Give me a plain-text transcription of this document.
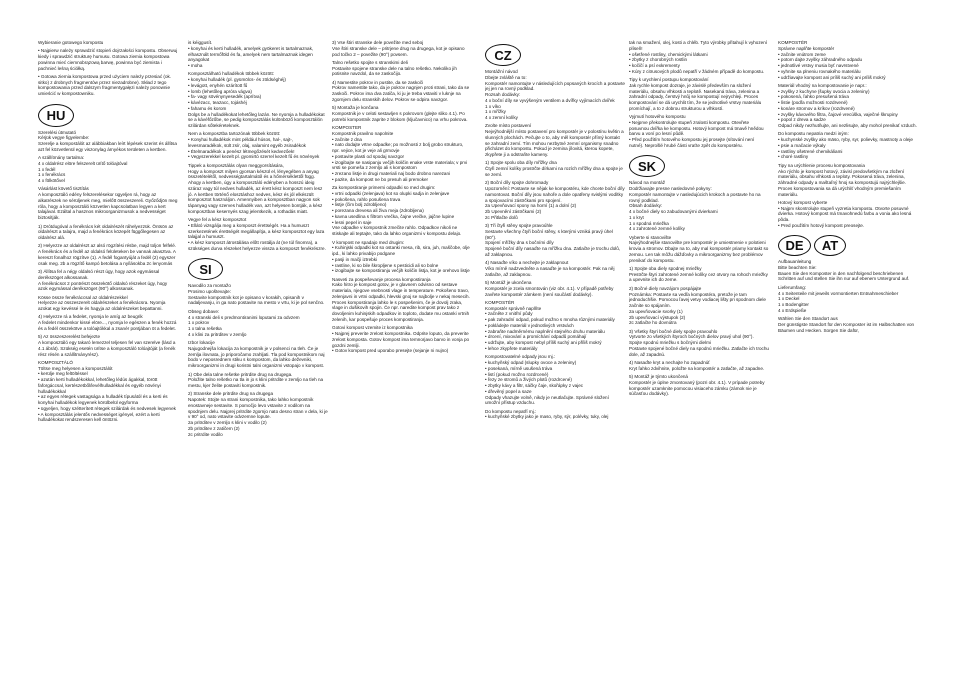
Wybieranie gotowego kompostu

• Najpierw należy sprawdzić stopień dojrzałości kompostu. Obserwuj kiedy i sprawdzić strukturę humusu. Gotowa ziemia kompostowa powinna mieć ciemnobrązową barwę, powinna być ziemista i pachnieć leśną ściółką.

• Gotowa ziemia kompostowa przed użyciem należy przesiać (ok. sitko) z drobnych fragmentów przez niezadrobne). Skład z tego kompostowania przed dalszym fragmentygałęzi należy ponownie umieścić w kompostowniku.

HU

Szerelési útmutató
Kérjük vegye figyelembe:
Szerelje a kompostálót az alábbiakban leírt lépések szerint és állítsa azt fel közvetlenül egy viszonylag árnyékos területen a kertben.

A szállítmány tartalma:
4 x oldalrész elöre felszerelt ürítő tolóajtóval
1 x fedél
1 x fenékrács
4 x fölkötővel

Vásárlást követő tisztítás
A komposztáló edény felszerelésekor ügyeljen rá, hogy az alkatrészek ne sérüljenek meg, mielőtt összeszereli. Győződjön meg róla, hogy a komposztáló közvetlen kapcsolatban legyen a kert talajával. Ezáltal a hasznos mikroorganizmusok a nedvességet biztosítják.

1) Drótdugóval a fenékrács két oldalrészét ráhelyezzük. Öntsön az oldalrészt a talajra, majd a fenékrács közepét függőlegesen az oldalrész alá.

2) Helyezze az oldalrészt az alsó rögzítési résbe, majd toljon felfelé. A fenékrács és a fedél az oldalsó felületeken be vannak akasztva. A kereszt fonalhoz rögzítve (1). A fedél fogantyúját a fedél (2) egyszer csak meg. 2b a rögzítő kampó betolása a nyílásokba 2c lenyomás

3) Állítsa fel a négy oldalsó részt úgy, hogy azok egymással derékszöget alkossanak.
A fenékrácsot 2 pontrészt összekötő oldalsó részeket úgy, hogy azok egymással derékszöget (90°) alkossanak.

Kösse össze fenékráccsal az oldalrészekkel
Helyezze az összeszerelt oldalrészeket a fenékrácsra. Nyomja azokat egy kevéssé le és hagyja az oldalrészeket bepattanni.

4) Helyezze rá a fedelet, nyomja le amíg az beugrik
A fedelet mindenkor kissé elöre..., nyomja le egészen a fenék hozzá és a fedél összekötve a tolóajtókkal a zsanér pontjában öt a fedelet.

5) Az összeszerelést befejezte
A komposztáló egy takaró lemezzel teljesen fel van szerelve (lásd a 4.1 ábrát). Szükség esetén ürítse a komposztáló tolóajtóját (a fenék rész résén a szállítmányrész).

KOMPOSZTÁLÓ
Töltse meg helyesen a komposztálót
• kerülje meg feltöltéssel
• azután kerti hulladékokkal, lehetőleg lédús ágakkal, törött faforgáccsal, kertészetből/levélhulladékkal és egyéb növényi hulladékokkal
• az egyes rétegek vastagsága a hulladék típusától és a kerti és konyhai hulladékok legyenek körülbelül egyforma
• ügyeljen, hogy szétterített rétegek szilárdak és nedvesek legyenek
• A komposztálás jelentős nedvességet igényel, ezért a kerti hulladékokat rendszeresen kell öntözni.

is kéiggusít.
• konyhai és kerti hulladék, amelyek gyökeret is tartalmaznak, elhasznált termőföld és fa, amelyek nem tartalmaznak idegen anyagokat
• moha

Komposztálható hulladékok többek között:
• konyhai hulladék (pl. gyümölcs- és zöldséghéj)
• levágott, enyhén szárított fű
• lomb (lehetőleg apróra vágva)
• fa- vagy sövénynyesedék (aprítva)
• kávézacc, teazacc, tojáshéj
• fahamu és korom
Dolgs be a hulladékokat lehetőleg lazán. Ne nyomja a hulladékokat se a kávéfőzőbe, se pedig komposztálás különböző komposztálón szilárdan sőtekéreteknek.

Nem a komposztba tartozónak többek között:
• Konyhai hulladékok mint például húsos, hal-, sajt-, levesmaradékok, sült zsír, olaj, valamint egyéb zsiradékok
• Ételmaradékok a penész létmegőzését kedvezőek!
• Vegyszerekkel kezelt pl. gyomirtó szerrel kezelt fű és növények

Tippek a komposztálás olyan meggyorsítására,
Hogy a komposzt milyen gyorsan készül el, lényegében a anyag összetételétől, nedvességtartalmától és a hőmérséklettől függ. Ahogy a kertben, úgy a komposztáló edényben a hosszú ideig száraz vagy túl nedves hulladék, az érett kész komposzt nem lesz jó. A kertben történő elosztáshoz nedves, kész és jól elkészült komposztot használjon. Amennyiben a komposztban nagyon sok tápanyag vagy szerves hulladék van, azt helyesen bontják, a kész komposztban kesernyés szag jelentkezik, a rothadás miatt.

Vegye fel a kész komposztot
• Ellátó vizsgálja meg a komposzt érettségét. Ha a humuszt szerkezetének érettségét megállapítja, a kész komposztot egy laza talajjal a humuszt.
• A kész komposzt átrostálása előtt rostálja át (ne túl finomra), a szükséges durva részeket helyezze vissza a komposzt fenékrészre.

SI

Navodilo za montažo
Prosimo upoštevajte:
Sestavite kompostnik kot je opisano v korakih, opisanih v nadaljevanju, in ga nato postavite na mesto v vrtu, ki je pol senčno.

Obseg dobave:
4 x stranski deli s predmontiranimi loputami za odvzem
1 x pokrov
1 x talna rešetka
4 x klini za pritrditev v zemljo

Izbor lokacije
Najugodnejša lokacija za kompostnik je v polsenci na tleh. Če je zemlja ilovnata, jo priporočamo zrahljati. Tla pod kompostnikom naj bodo v neposrednem stiku s kompostom, da lahko deževniki, mikroorganizmi in drugi koristni talni organizmi vstopajo v kompost.

1) Obe dela talne rešetke pritrdite drug na drugega.
Položite talno rešetko na tla in jo s klini pritrdite v zemljo na tleh na mestu, kjer želite postaviti kompostnik.

2) Stranske dele pritrdite drug na drugega
Napotek: Stojte na strani kompostnika, tako lahko kompostnik enostavneje sestavite. S pomočjo levo vstavite z vodilom na spodnjem delu. Najprej pritrdite zgornjo nato desno stran v dela, ki je v 90° od, nato vstavite odvzemne lopute.
2a pritrditev v zemljo s klini v vodilo (2)
2b pritrditev z zatičem (2)
2c pritrdite vodilo

3) Vse štiri stranske dele povežite med seboj
Vse štiri stranske dele – pritrjene drug na drugega, kot je opisano pod točko 2 – povežite (90°) povsem.

Talno rešetko spojite s stranskimi deli
Postavite spojene stranske dele na talno rešetko. Nekoliko jih potisnite navzdol, da se zaskočijo.

4) Namestite pokrov in pustite, da se zaskoči
Pokrov namestite tako, da je pokrov nagnjen proti strani, tako da se zaskoči. Pokrov ima dva zatiča, ki ju je treba vstaviti v luknje na zgornjem delu stranskih delov. Pokrov se odpira navzgor.

5) Montaža je končana
Kompostnik je v celoti sestavljen s pokrovom (glejte sliko 4.1). Po potrebi kompostnik zaprite z blokom (ključavnico) na vrhu pokrova.

KOMPOSTER
Kompostnik pravilno napolnite
• začnite z dna
• nato dodajte vrtne odpadke; po možnosti z bolj grobo strukturo, npr. vejice, kot je veje ali grmovje
• postavite plasti od spodaj navzgor
• izogibajte se nasipanju večjih količin enake vrste materiala; v prvi vrsti se pomeša z zemljo ali s kompostom
• zrezano listje in drugi materiali naj bodo drobno narezani
• pazite, da kompost ne bo presuh ali premoker

Za kompostiranje primerni odpadki so med drugim:
• vrtni odpadki (zelenjava) kot so olupki sadja in zelenjave
• pokošena, rahlo posušena trava
• listje (čim bolj zdrobljeno)
• porezana drevesa ali živa meja (zdrobljena)
• kavna usedlina s filtrom vrečka, čajne vrečke, jajčne lupine
• lesni pepel in saje
Vse odpadke v kompostnik zmečite rahlo. Odpadkov nikoli ne stiskajte ali teptajte, tako da lahko organizmi v kompostu delajo.

V kompost ne spadajo med drugim:
• Kuhinjski odpadki kot so ostanki mesa, rib, sira, juh, maščobe, olje ipd., ki lahko privabijo podgane
• pasji in mačji iztrebki
• rastline, ki so bile škropljene s pesticidi ali so bolne
• izogibajte se kompostiranju večjih količin listja, kot je orehovo listje

Nasveti za pospeševanje procesa kompostiranja
Kako hitro je kompost gotov, je v glavnem odvisno od sestave materiala, njegove vsebnosti vlage in temperature. Pokošeno travo, zelenjavni in vrtni odpadki, hlevski gnoj se najbolje v nekaj mesecih.
Proces kompostiranja lahko le s pospešenim, če je dovolj zraka, vlage in dušikovih spojin. Če npr. naredite kompost prav tako z dovoljenim kuhinjskih odpadkov in toploto, dodate mu ostanki vrtnih zelenih, kar pospešuje proces kompostiranja.

Gotovi kompost vzemite iz kompostnika
• Najprej preverite zrelost kompostnika. Odprite loputo, da preverite zrelost komposta. Gotov kompost ima temnorjavo barvo in vonja po gozdni zemlji.
• Gotov kompost pred uporabo presejte (sejanje ni nujno)

CZ

Montážní návod
Dbejte zvláště na to:
Kompostér namontujte v následujících popsaných krocích a postavte jej jen na rovný podklad.
Rozsah dodávky:
4 x boční díly se vyvýšeným ventilem a dvířky vyjímacích dvířek
1 x víko
1 x mřížky
4 x zemní kolíky

Zvolte místo postavení
Nejvýhodnější místo postavení pro kompostér je v polostínu květin a slunných plochách. Pečujte o to, aby měl kompostér přímý kontakt se zahradní zemí. Tím mohou nezbytné zemní organismy snadno přicházet do kompostu. Pokud je zemina jílovitá, kterou kopete, zkypřete ji a odstraňte kameny.

1) Spojte spolu oba díly mřížky dna
Čtyři zemní kolíky prostrčte dírkami na rozích mřížky dna a spojte je se zemí.

2) Boční díly spojte dohromady
Upozornění: Postavte se nějak ke kompostéru, kde chcete boční díly namontovat. Boční díly jsou nahoře a dole opatřeny svislými vodítky a spojovacími zástrčkami pro spojení.
2a Upevňovací spony na horní (1) a dolní (2)
2b Upevnění zástrčkami (2)
2c Přitlačte dolů

3) Tři čtyři stěny spojte pravoúhle
Sestavte všechny čtyři boční stěny, s kterými vzniká pravý úhel (90°).
Spojení mřížky dna s bočními díly
Spojené boční díly nasaďte na mřížku dna. Zatlačte je trochu dolů, až zaklapnou.

4) Nasaďte víko a nechejte je zaklapnout
Víko mírně nadzvedněte a nasaďte je na kompostér. Pak na něj zatlačte, až zaklapnou.

5) Montáž je ukončena
Kompostér je zcela smontován (viz obr. 4.1). V případě potřeby zavřete kompostér zámkem (není součástí dodávky).

KOMPOSTÉR
Kompostér správně naplňte
• začněte z vnitřní půdy
• pak zahradní odpad, pokud možno s mnoha různými materiály
• pokládejte materiál v jednotlivých vrstvách
• zabraňte nadměrnému naplnění stejného druhu materiálu
• drcení, mixování a promíchání odpadů pomáhají
• udržujte, aby kompost nebyl příliš suchý ani příliš mokrý
• lehce zkypřete materiály

Kompostovatelné odpady jsou mj.:
• kuchyňský odpad (slupky ovoce a zeleniny)
• posekaná, mírně usušená tráva
• listí (pokud možno rozdrcené)
• řezy ze stromů a živých plotů (rozdrcené)
• zbytky kávy a filtr, sáčky čaje, skořápky z vajec
• dřevěný popel a saze
Odpady vhazujte volně, nikdy je neutlačujte. Správné složení umožní přístup vzduchu.

Do kompostu nepatří mj.:
• kuchyňské zbytky jako je maso, ryby, sýr, polévky, tuky, olej

tak na smažení, olej, kosti a chléb. Tyto výrobky přitahují k vyhození plíseň!
• ošetřené rostliny, chemickými látkami
• zbytky z chorobných rostlin
• kočičí a psí exkrementy
• Kúry z citrusových plodů nepatří v žádném případě do kompostu.

Tipy k urychlení postupu kompostování
Jak rychle kompost dozraje, je závislé především na složení materiálu, obsahu vlhkosti a teplotě. Nasekaná tráva, zelenina a zahradní odpady, čerstvý hnůj se kompostují nejrychleji. Proces kompostování se dá urychlit tím, že se jednotlivé vrstvy materiálu promíchají, a to z dobrou strukturou a vlhkostí.

Vyjmutí hotového kompostu
• Nejprve překontrolujte stupeň zralosti kompostu. Otevřete posuvnou dvířka ke kompostu. Hotový kompost má tmavě hnědou barvu a voní po lesní půdě.
• Před použitím hotového kompostu jej prosejte (sítování není nutné). Neprošlé hrubé části vraťte zpět do kompostéru.

SK

Návod na montáž
Dodržiavajte presne nasledovné pokyny:
Kompostér namontujte v nasledujúcich krokoch a postavte ho na rovný podklad.
Obsah dodávky:
4 x bočné diely so zabudovanými dvierkami
1 x kryt
1 x spodná mriežka
4 x zahrotené zemné kolíky

Vyberte si stanovište
Najvýhodnejšie stanovište pre kompostér je umiestnenie v polotieni krovia a stromov. Dbajte na to, aby mal kompostér priamy kontakt so zemou. Len tak môžu dážďovky a mikroorganizmy bez problémov prenikať do kompostu.

1) Spojte oba diely spodnej mriežky
Prestrčte štyri zahrotené zemné kolíky cez otvory na rohoch mriežky a upevnite ich do zeme.

2) Bočné diely navzájom pospájajte
Poznámka: Postavte sa vedľa kompostéra, pretože je tam jednoduchšie. Pomocou ľavej vetvy vodiacej lišty pri spodnom diele začnite so spájaním.
2a upevňovacie svorky (1)
2b upevňovací výstupok (2)
2c zatlačte ho dovnútra

3) Všetky štyri bočné diely spojte pravouhlo
Vytvorte zo všetkých štyroch bočných dielov pravý uhol (90°).
Spojte spodnú mriežku s bočnými dielmi
Postavte spojené bočné diely na spodnú mriežku. Zatlačte ich trochu dole, až zapadnú.

4) Nasaďte kryt a nechajte ho zapadnúť
Kryt ľahko zdvihnite, položte na kompostér a zatlačte, až zapadne.

5) Montáž je týmto ukončená
Kompostér je úplne zmontovaný (pozri obr. 4.1). V prípade potreby kompostér uzamknite pomocou visiaceho zámku (zámok nie je súčasťou dodávky).

KOMPOSTÉR
Správne naplňte kompostér
• začnite vnútrom zeme
• potom dajte zvyšky záhradného odpadu
• jednotlivé vrstvy musia byť navrstvené
• vyhnite sa plneniu rovnakého materiálu
• udržiavajte kompost ani príliš suchý ani príliš mokrý

Materiál vhodný na kompostovanie je napr.:
• zvyšky z kuchyne (šupky ovocia a zeleniny)
• pokosená, ľahko presušená tráva
• lístie (podľa možnosti rozdrvené)
• konáre stromov a kríkov (rozdrvené)
• zvyšky kávového filtra, čajové vrecúška, vaječné škrupiny
• popol z dreva a sadze
Odpad nikdy nezhutňujte, ani nezlisujte, aby mohol prenikať vzduch.

Do kompostu nepatria medzi iným:
• kuchynské zvyšky ako mäso, ryby, syr, polievky, mastnoty a oleje
• psie a mačacie výkaly
• rastliny ošetrené chemikáliami
• choré rastliny

Tipy na urýchlenie procesu kompostovania
Ako rýchlo je kompost hotový, závisí predovšetkým na zložení materiálu, obsahu vlhkosti a teploty. Pokosená tráva, zelenina, záhradné odpady a maštaľný hnoj sa kompostujú najrýchlejšie. Proces kompostovania sa dá urýchliť vhodným premiešaním materiálu.

Hotový kompost vyberte
• Najprv skontrolujte stupeň vyzretia kompostu. Otvorte posuvné dvierka. Hotový kompost má tmavohnedú farbu a vonia ako lesná pôda.
• Pred použitím hotový kompost preosejte.

DE AT

Aufbauanleitung
Bitte beachten Sie:
Bauen Sie den Komposter in den nachfolgend beschriebenen Schritten auf und stellen Sie ihn nur auf ebenem Untergrund auf.

Lieferumfang:
4 x Seitenteile mit jeweils vormontierten Entnahmeschieber
1 x Deckel
1 x Bodengitter
4 x Erdspieße

Wählen Sie den Standort aus
Der günstigste Standort für den Komposter ist im Halbschatten von Bäumen und Hecken. Sorgen Sie dafür,
